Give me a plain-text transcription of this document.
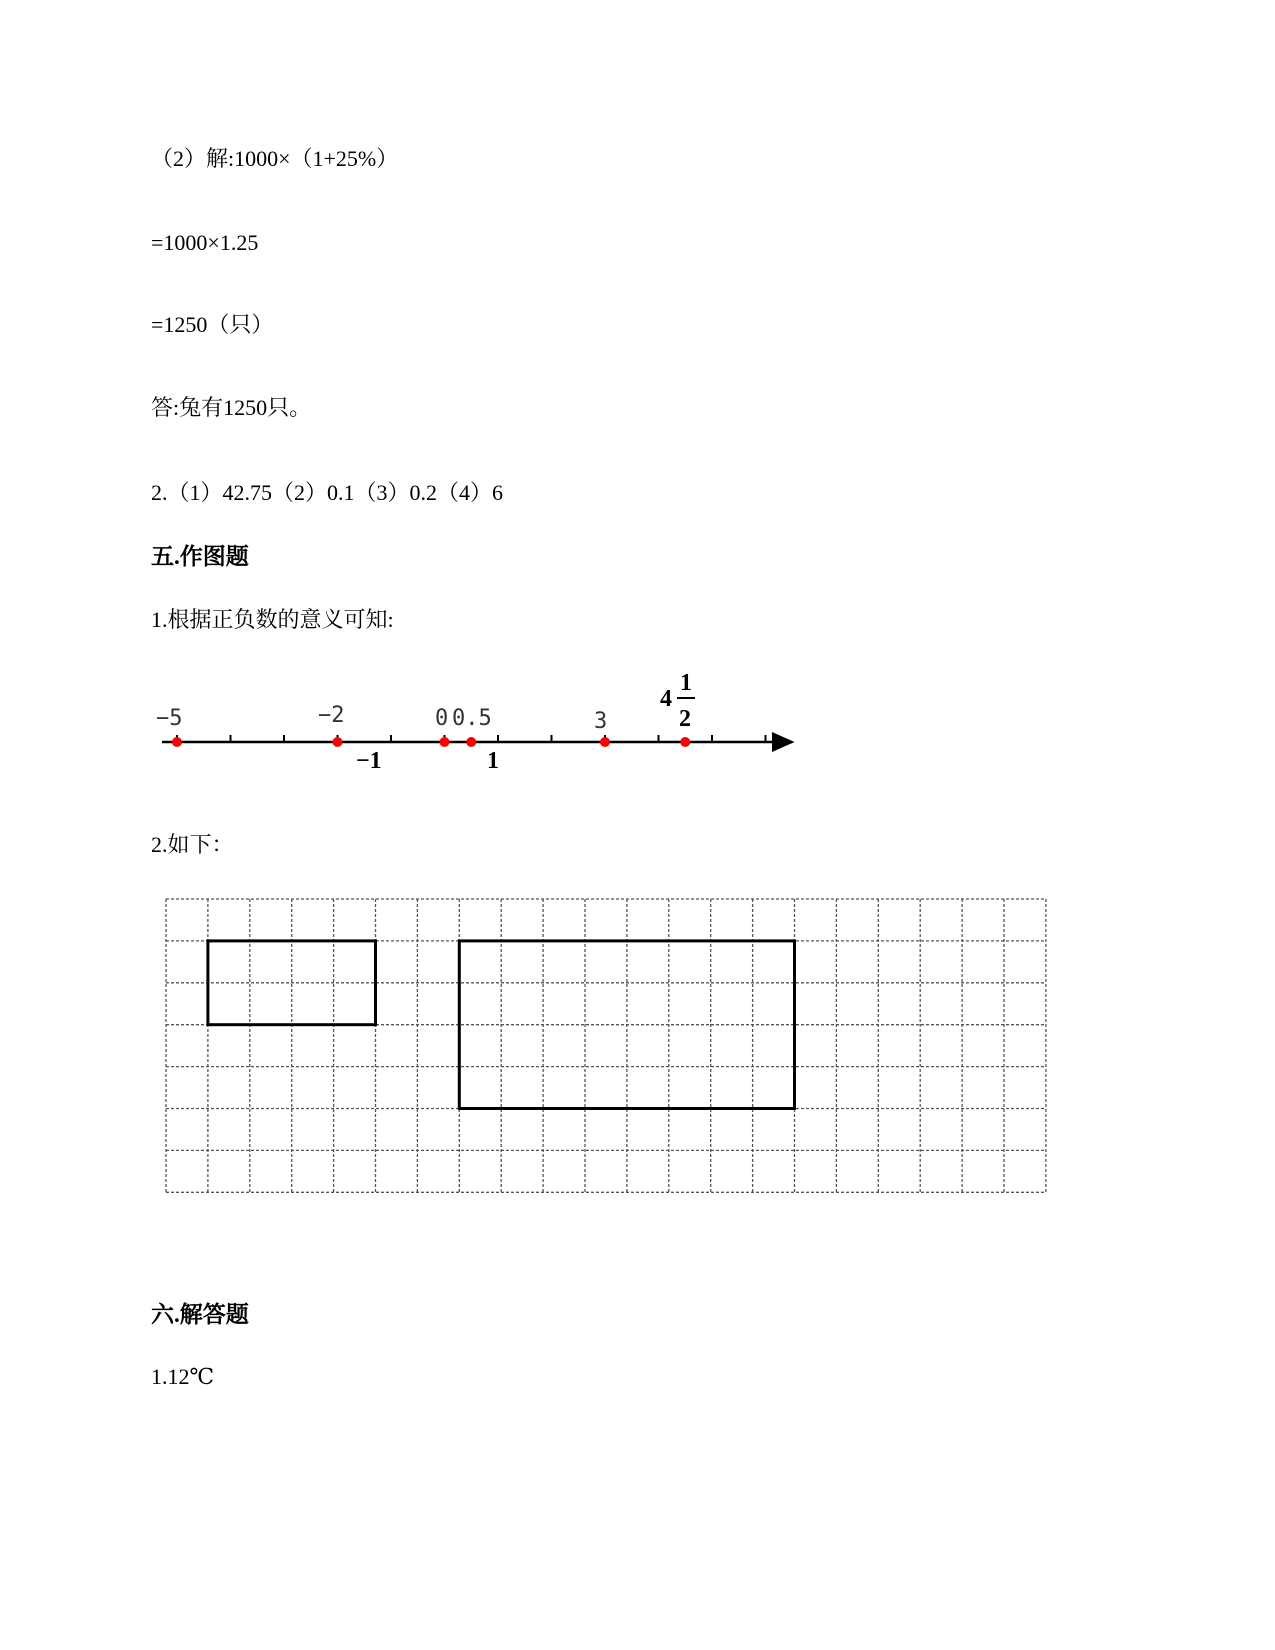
（2）解:1000×（1+25%）
=1000×1.25
=1250（只）
答:兔有1250只。
2.（1）42.75（2）0.1（3）0.2（4）6
五.作图题
1.根据正负数的意义可知:
−5	−2	0 0.5	3
4
1
2
−1	1
2.如下：
六.解答题
1.12℃
